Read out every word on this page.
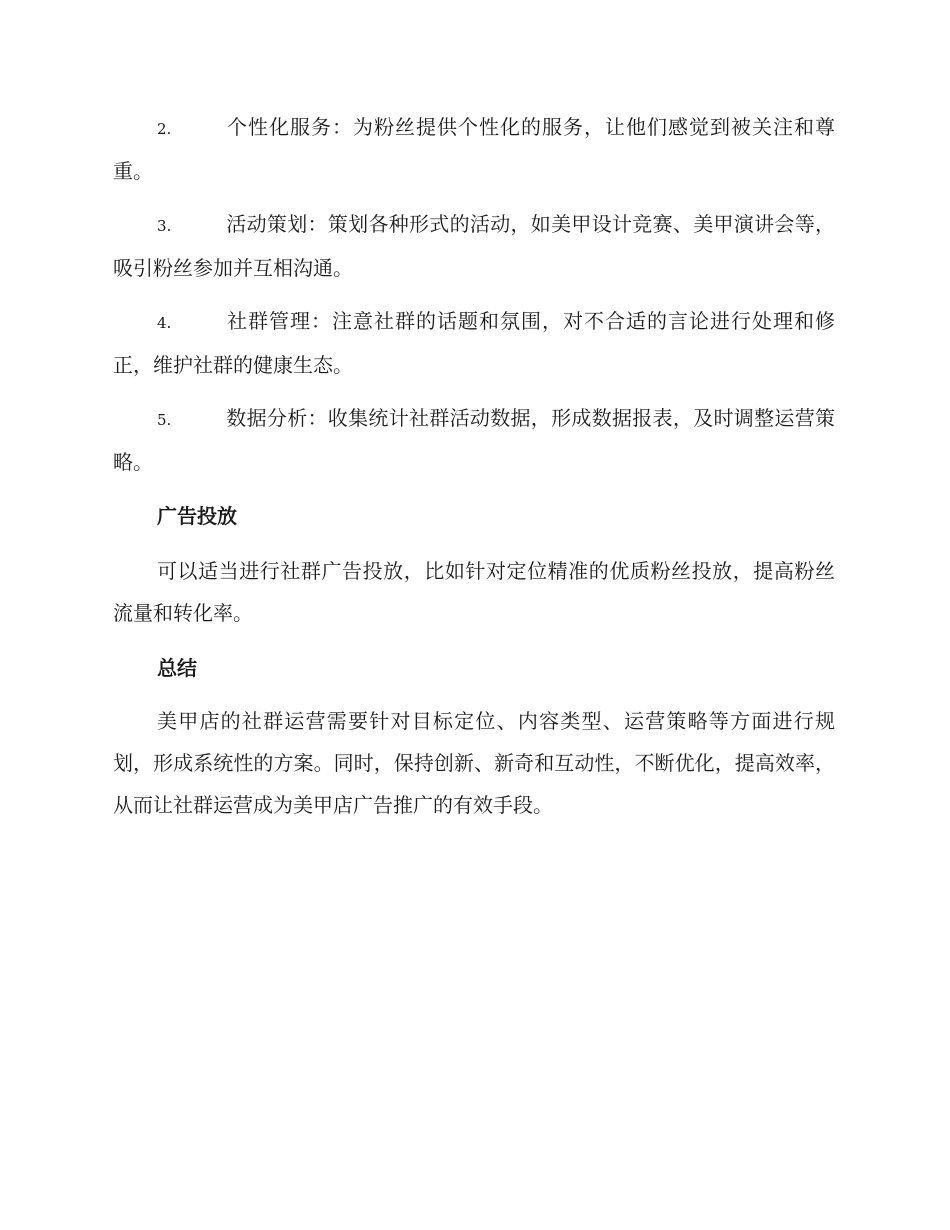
2.	个性化服务：为粉丝提供个性化的服务，让他们感觉到被关注和尊重。
3.	活动策划：策划各种形式的活动，如美甲设计竞赛、美甲演讲会等，吸引粉丝参加并互相沟通。
4.	社群管理：注意社群的话题和氛围，对不合适的言论进行处理和修正，维护社群的健康生态。
5.	数据分析：收集统计社群活动数据，形成数据报表，及时调整运营策略。
广告投放
可以适当进行社群广告投放，比如针对定位精准的优质粉丝投放，提高粉丝流量和转化率。
总结
美甲店的社群运营需要针对目标定位、内容类型、运营策略等方面进行规划，形成系统性的方案。同时，保持创新、新奇和互动性，不断优化，提高效率，从而让社群运营成为美甲店广告推广的有效手段。
